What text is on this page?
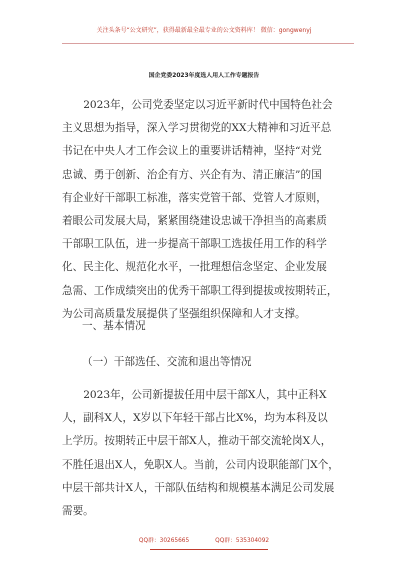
关注头条号“公文研究”，获得最新最全最专业的公文资料库！ 微信：gongwenyj
国企党委2023年度选人用人工作专题报告
2023年，公司党委坚定以习近平新时代中国特色社会
主义思想为指导，深入学习贯彻党的XX大精神和习近平总
书记在中央人才工作会议上的重要讲话精神，坚持“对党
忠诚、勇于创新、治企有方、兴企有为、清正廉洁”的国
有企业好干部职工标准，落实党管干部、党管人才原则，
着眼公司发展大局，紧紧围绕建设忠诚干净担当的高素质
干部职工队伍，进一步提高干部职工选拔任用工作的科学
化、民主化、规范化水平，一批理想信念坚定、企业发展
急需、工作成绩突出的优秀干部职工得到提拔或按期转正，
为公司高质量发展提供了坚强组织保障和人才支撑。
一、基本情况
（一）干部选任、交流和退出等情况
2023年，公司新提拔任用中层干部X人，其中正科X
人，副科X人，X岁以下年轻干部占比X%，均为本科及以
上学历。按期转正中层干部X人，推动干部交流轮岗X人，
不胜任退出X人，免职X人。当前，公司内设职能部门X个，
中层干部共计X人，干部队伍结构和规模基本满足公司发展
需要。
QQ群：30265665	QQ群：535304092
